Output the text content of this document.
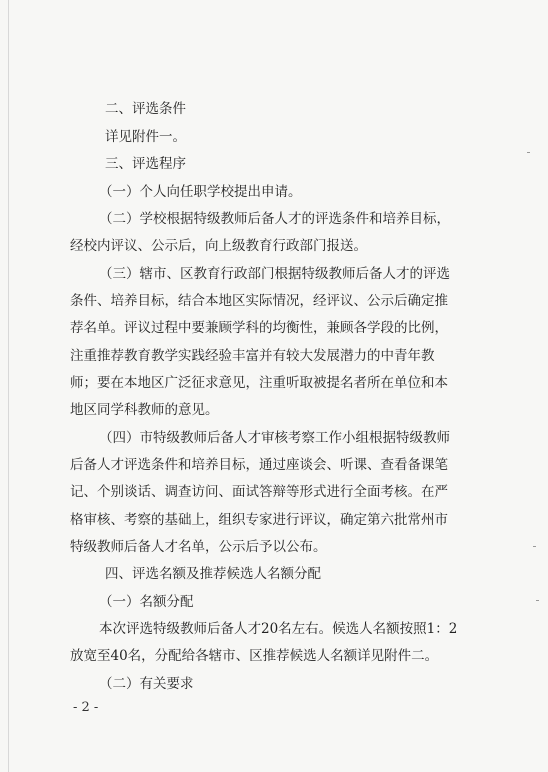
二、评选条件
详见附件一。
三、评选程序
（一）个人向任职学校提出申请。
（二）学校根据特级教师后备人才的评选条件和培养目标，
经校内评议、公示后，向上级教育行政部门报送。
（三）辖市、区教育行政部门根据特级教师后备人才的评选
条件、培养目标，结合本地区实际情况，经评议、公示后确定推
荐名单。评议过程中要兼顾学科的均衡性，兼顾各学段的比例，
注重推荐教育教学实践经验丰富并有较大发展潜力的中青年教
师；要在本地区广泛征求意见，注重听取被提名者所在单位和本
地区同学科教师的意见。
（四）市特级教师后备人才审核考察工作小组根据特级教师
后备人才评选条件和培养目标，通过座谈会、听课、查看备课笔
记、个别谈话、调查访问、面试答辩等形式进行全面考核。在严
格审核、考察的基础上，组织专家进行评议，确定第六批常州市
特级教师后备人才名单，公示后予以公布。
四、评选名额及推荐候选人名额分配
（一）名额分配
本次评选特级教师后备人才20名左右。候选人名额按照1：2
放宽至40名，分配给各辖市、区推荐候选人名额详见附件二。
（二）有关要求
- 2 -
